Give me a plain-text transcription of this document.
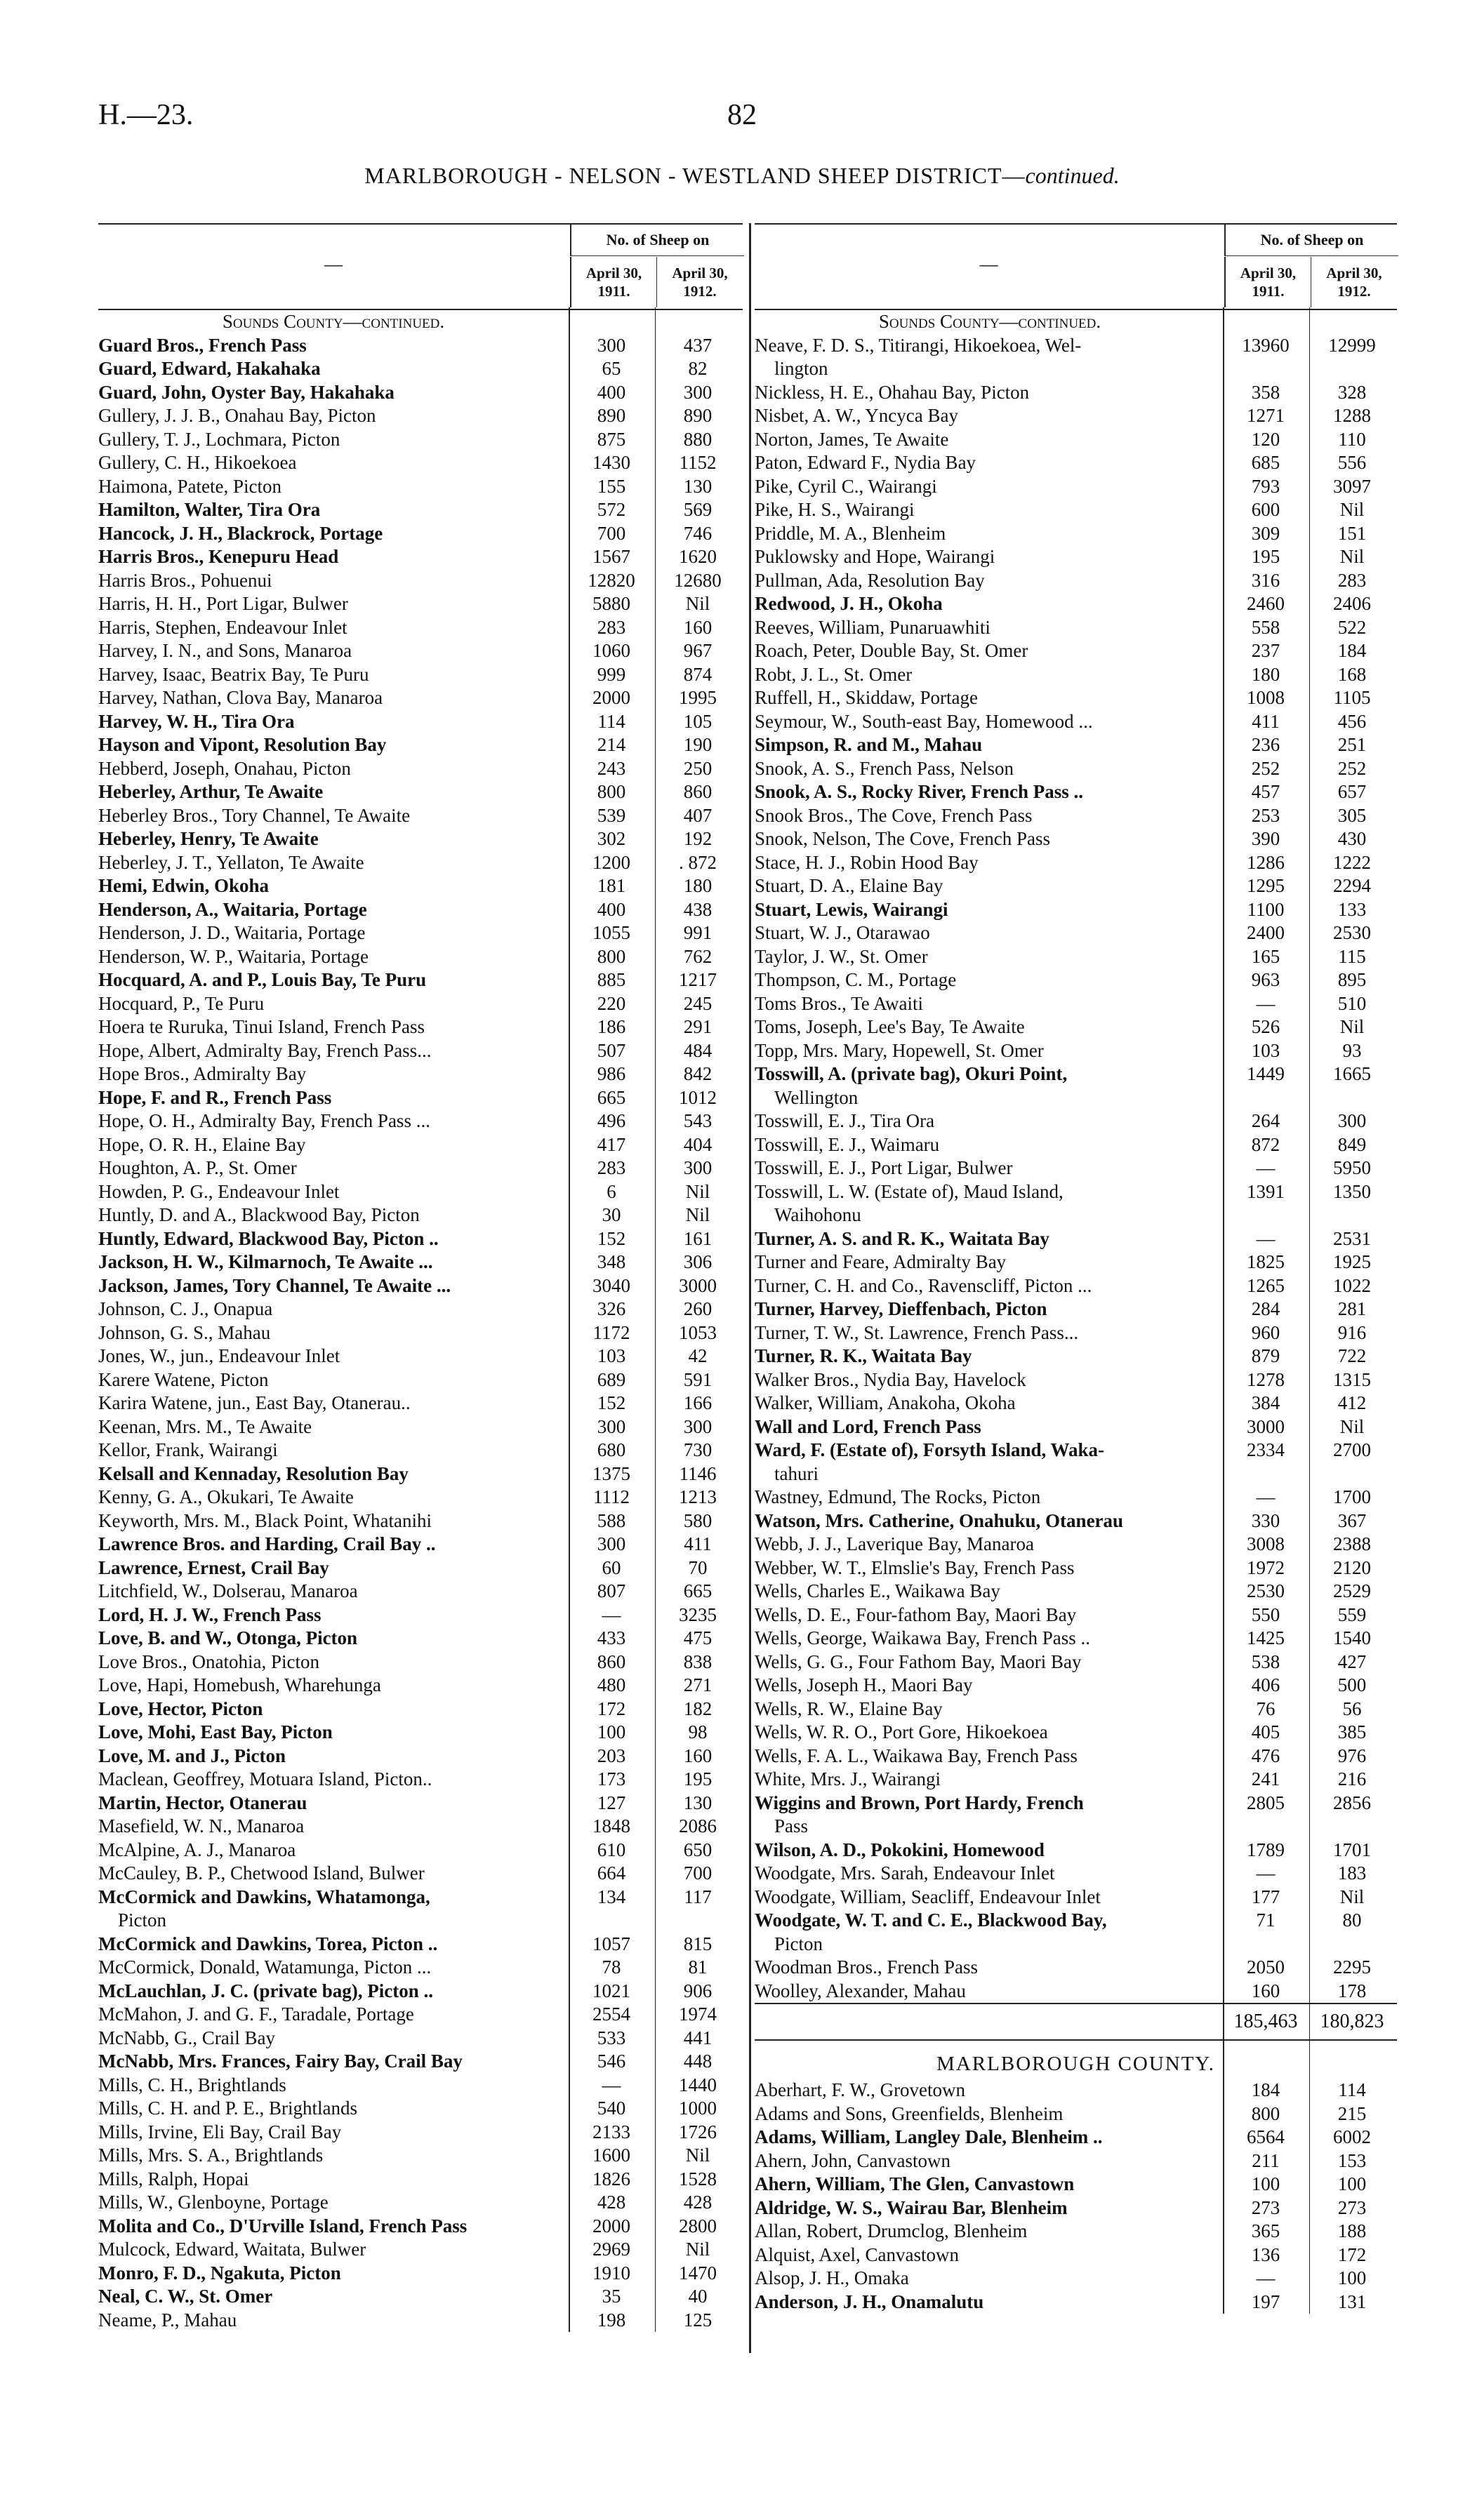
H.—23.	82
MARLBOROUGH - NELSON - WESTLAND SHEEP DISTRICT—continued.
—
No. of Sheep on
April 30, 1911.
April 30, 1912.
Sounds County—continued.
Guard Bros., French Pass	300	437
Guard, Edward, Hakahaka	65	82
Guard, John, Oyster Bay, Hakahaka	400	300
Gullery, J. J. B., Onahau Bay, Picton	890	890
Gullery, T. J., Lochmara, Picton	875	880
Gullery, C. H., Hikoekoea	1430	1152
Haimona, Patete, Picton	155	130
Hamilton, Walter, Tira Ora	572	569
Hancock, J. H., Blackrock, Portage	700	746
Harris Bros., Kenepuru Head	1567	1620
Harris Bros., Pohuenui	12820	12680
Harris, H. H., Port Ligar, Bulwer	5880	Nil
Harris, Stephen, Endeavour Inlet	283	160
Harvey, I. N., and Sons, Manaroa	1060	967
Harvey, Isaac, Beatrix Bay, Te Puru	999	874
Harvey, Nathan, Clova Bay, Manaroa	2000	1995
Harvey, W. H., Tira Ora	114	105
Hayson and Vipont, Resolution Bay	214	190
Hebberd, Joseph, Onahau, Picton	243	250
Heberley, Arthur, Te Awaite	800	860
Heberley Bros., Tory Channel, Te Awaite	539	407
Heberley, Henry, Te Awaite	302	192
Heberley, J. T., Yellaton, Te Awaite	1200	. 872
Hemi, Edwin, Okoha	181	180
Henderson, A., Waitaria, Portage	400	438
Henderson, J. D., Waitaria, Portage	1055	991
Henderson, W. P., Waitaria, Portage	800	762
Hocquard, A. and P., Louis Bay, Te Puru	885	1217
Hocquard, P., Te Puru	220	245
Hoera te Ruruka, Tinui Island, French Pass	186	291
Hope, Albert, Admiralty Bay, French Pass...	507	484
Hope Bros., Admiralty Bay	986	842
Hope, F. and R., French Pass	665	1012
Hope, O. H., Admiralty Bay, French Pass ...	496	543
Hope, O. R. H., Elaine Bay	417	404
Houghton, A. P., St. Omer	283	300
Howden, P. G., Endeavour Inlet	6	Nil
Huntly, D. and A., Blackwood Bay, Picton	30	Nil
Huntly, Edward, Blackwood Bay, Picton ..	152	161
Jackson, H. W., Kilmarnoch, Te Awaite ...	348	306
Jackson, James, Tory Channel, Te Awaite ...	3040	3000
Johnson, C. J., Onapua	326	260
Johnson, G. S., Mahau	1172	1053
Jones, W., jun., Endeavour Inlet	103	42
Karere Watene, Picton	689	591
Karira Watene, jun., East Bay, Otanerau..	152	166
Keenan, Mrs. M., Te Awaite	300	300
Kellor, Frank, Wairangi	680	730
Kelsall and Kennaday, Resolution Bay	1375	1146
Kenny, G. A., Okukari, Te Awaite	1112	1213
Keyworth, Mrs. M., Black Point, Whatanihi	588	580
Lawrence Bros. and Harding, Crail Bay ..	300	411
Lawrence, Ernest, Crail Bay	60	70
Litchfield, W., Dolserau, Manaroa	807	665
Lord, H. J. W., French Pass	—	3235
Love, B. and W., Otonga, Picton	433	475
Love Bros., Onatohia, Picton	860	838
Love, Hapi, Homebush, Wharehunga	480	271
Love, Hector, Picton	172	182
Love, Mohi, East Bay, Picton	100	98
Love, M. and J., Picton	203	160
Maclean, Geoffrey, Motuara Island, Picton..	173	195
Martin, Hector, Otanerau	127	130
Masefield, W. N., Manaroa	1848	2086
McAlpine, A. J., Manaroa	610	650
McCauley, B. P., Chetwood Island, Bulwer	664	700
McCormick and Dawkins, Whatamonga,	134	117
Picton
McCormick and Dawkins, Torea, Picton ..	1057	815
McCormick, Donald, Watamunga, Picton ...	78	81
McLauchlan, J. C. (private bag), Picton ..	1021	906
McMahon, J. and G. F., Taradale, Portage	2554	1974
McNabb, G., Crail Bay	533	441
McNabb, Mrs. Frances, Fairy Bay, Crail Bay	546	448
Mills, C. H., Brightlands	—	1440
Mills, C. H. and P. E., Brightlands	540	1000
Mills, Irvine, Eli Bay, Crail Bay	2133	1726
Mills, Mrs. S. A., Brightlands	1600	Nil
Mills, Ralph, Hopai	1826	1528
Mills, W., Glenboyne, Portage	428	428
Molita and Co., D'Urville Island, French Pass	2000	2800
Mulcock, Edward, Waitata, Bulwer	2969	Nil
Monro, F. D., Ngakuta, Picton	1910	1470
Neal, C. W., St. Omer	35	40
Neame, P., Mahau	198	125
—
No. of Sheep on
April 30, 1911.
April 30, 1912.
Sounds County—continued.
Neave, F. D. S., Titirangi, Hikoekoea, Wel-	13960	12999
lington
Nickless, H. E., Ohahau Bay, Picton	358	328
Nisbet, A. W., Yncyca Bay	1271	1288
Norton, James, Te Awaite	120	110
Paton, Edward F., Nydia Bay	685	556
Pike, Cyril C., Wairangi	793	3097
Pike, H. S., Wairangi	600	Nil
Priddle, M. A., Blenheim	309	151
Puklowsky and Hope, Wairangi	195	Nil
Pullman, Ada, Resolution Bay	316	283
Redwood, J. H., Okoha	2460	2406
Reeves, William, Punaruawhiti	558	522
Roach, Peter, Double Bay, St. Omer	237	184
Robt, J. L., St. Omer	180	168
Ruffell, H., Skiddaw, Portage	1008	1105
Seymour, W., South-east Bay, Homewood ...	411	456
Simpson, R. and M., Mahau	236	251
Snook, A. S., French Pass, Nelson	252	252
Snook, A. S., Rocky River, French Pass ..	457	657
Snook Bros., The Cove, French Pass	253	305
Snook, Nelson, The Cove, French Pass	390	430
Stace, H. J., Robin Hood Bay	1286	1222
Stuart, D. A., Elaine Bay	1295	2294
Stuart, Lewis, Wairangi	1100	133
Stuart, W. J., Otarawao	2400	2530
Taylor, J. W., St. Omer	165	115
Thompson, C. M., Portage	963	895
Toms Bros., Te Awaiti	—	510
Toms, Joseph, Lee's Bay, Te Awaite	526	Nil
Topp, Mrs. Mary, Hopewell, St. Omer	103	93
Tosswill, A. (private bag), Okuri Point,	1449	1665
Wellington
Tosswill, E. J., Tira Ora	264	300
Tosswill, E. J., Waimaru	872	849
Tosswill, E. J., Port Ligar, Bulwer	—	5950
Tosswill, L. W. (Estate of), Maud Island,	1391	1350
Waihohonu
Turner, A. S. and R. K., Waitata Bay	—	2531
Turner and Feare, Admiralty Bay	1825	1925
Turner, C. H. and Co., Ravenscliff, Picton ...	1265	1022
Turner, Harvey, Dieffenbach, Picton	284	281
Turner, T. W., St. Lawrence, French Pass...	960	916
Turner, R. K., Waitata Bay	879	722
Walker Bros., Nydia Bay, Havelock	1278	1315
Walker, William, Anakoha, Okoha	384	412
Wall and Lord, French Pass	3000	Nil
Ward, F. (Estate of), Forsyth Island, Waka-	2334	2700
tahuri
Wastney, Edmund, The Rocks, Picton	—	1700
Watson, Mrs. Catherine, Onahuku, Otanerau	330	367
Webb, J. J., Laverique Bay, Manaroa	3008	2388
Webber, W. T., Elmslie's Bay, French Pass	1972	2120
Wells, Charles E., Waikawa Bay	2530	2529
Wells, D. E., Four-fathom Bay, Maori Bay	550	559
Wells, George, Waikawa Bay, French Pass ..	1425	1540
Wells, G. G., Four Fathom Bay, Maori Bay	538	427
Wells, Joseph H., Maori Bay	406	500
Wells, R. W., Elaine Bay	76	56
Wells, W. R. O., Port Gore, Hikoekoea	405	385
Wells, F. A. L., Waikawa Bay, French Pass	476	976
White, Mrs. J., Wairangi	241	216
Wiggins and Brown, Port Hardy, French	2805	2856
Pass
Wilson, A. D., Pokokini, Homewood	1789	1701
Woodgate, Mrs. Sarah, Endeavour Inlet	—	183
Woodgate, William, Seacliff, Endeavour Inlet	177	Nil
Woodgate, W. T. and C. E., Blackwood Bay,	71	80
Picton
Woodman Bros., French Pass	2050	2295
Woolley, Alexander, Mahau	160	178
185,463	180,823
MARLBOROUGH COUNTY.
Aberhart, F. W., Grovetown	184	114
Adams and Sons, Greenfields, Blenheim	800	215
Adams, William, Langley Dale, Blenheim ..	6564	6002
Ahern, John, Canvastown	211	153
Ahern, William, The Glen, Canvastown	100	100
Aldridge, W. S., Wairau Bar, Blenheim	273	273
Allan, Robert, Drumclog, Blenheim	365	188
Alquist, Axel, Canvastown	136	172
Alsop, J. H., Omaka	—	100
Anderson, J. H., Onamalutu	197	131
